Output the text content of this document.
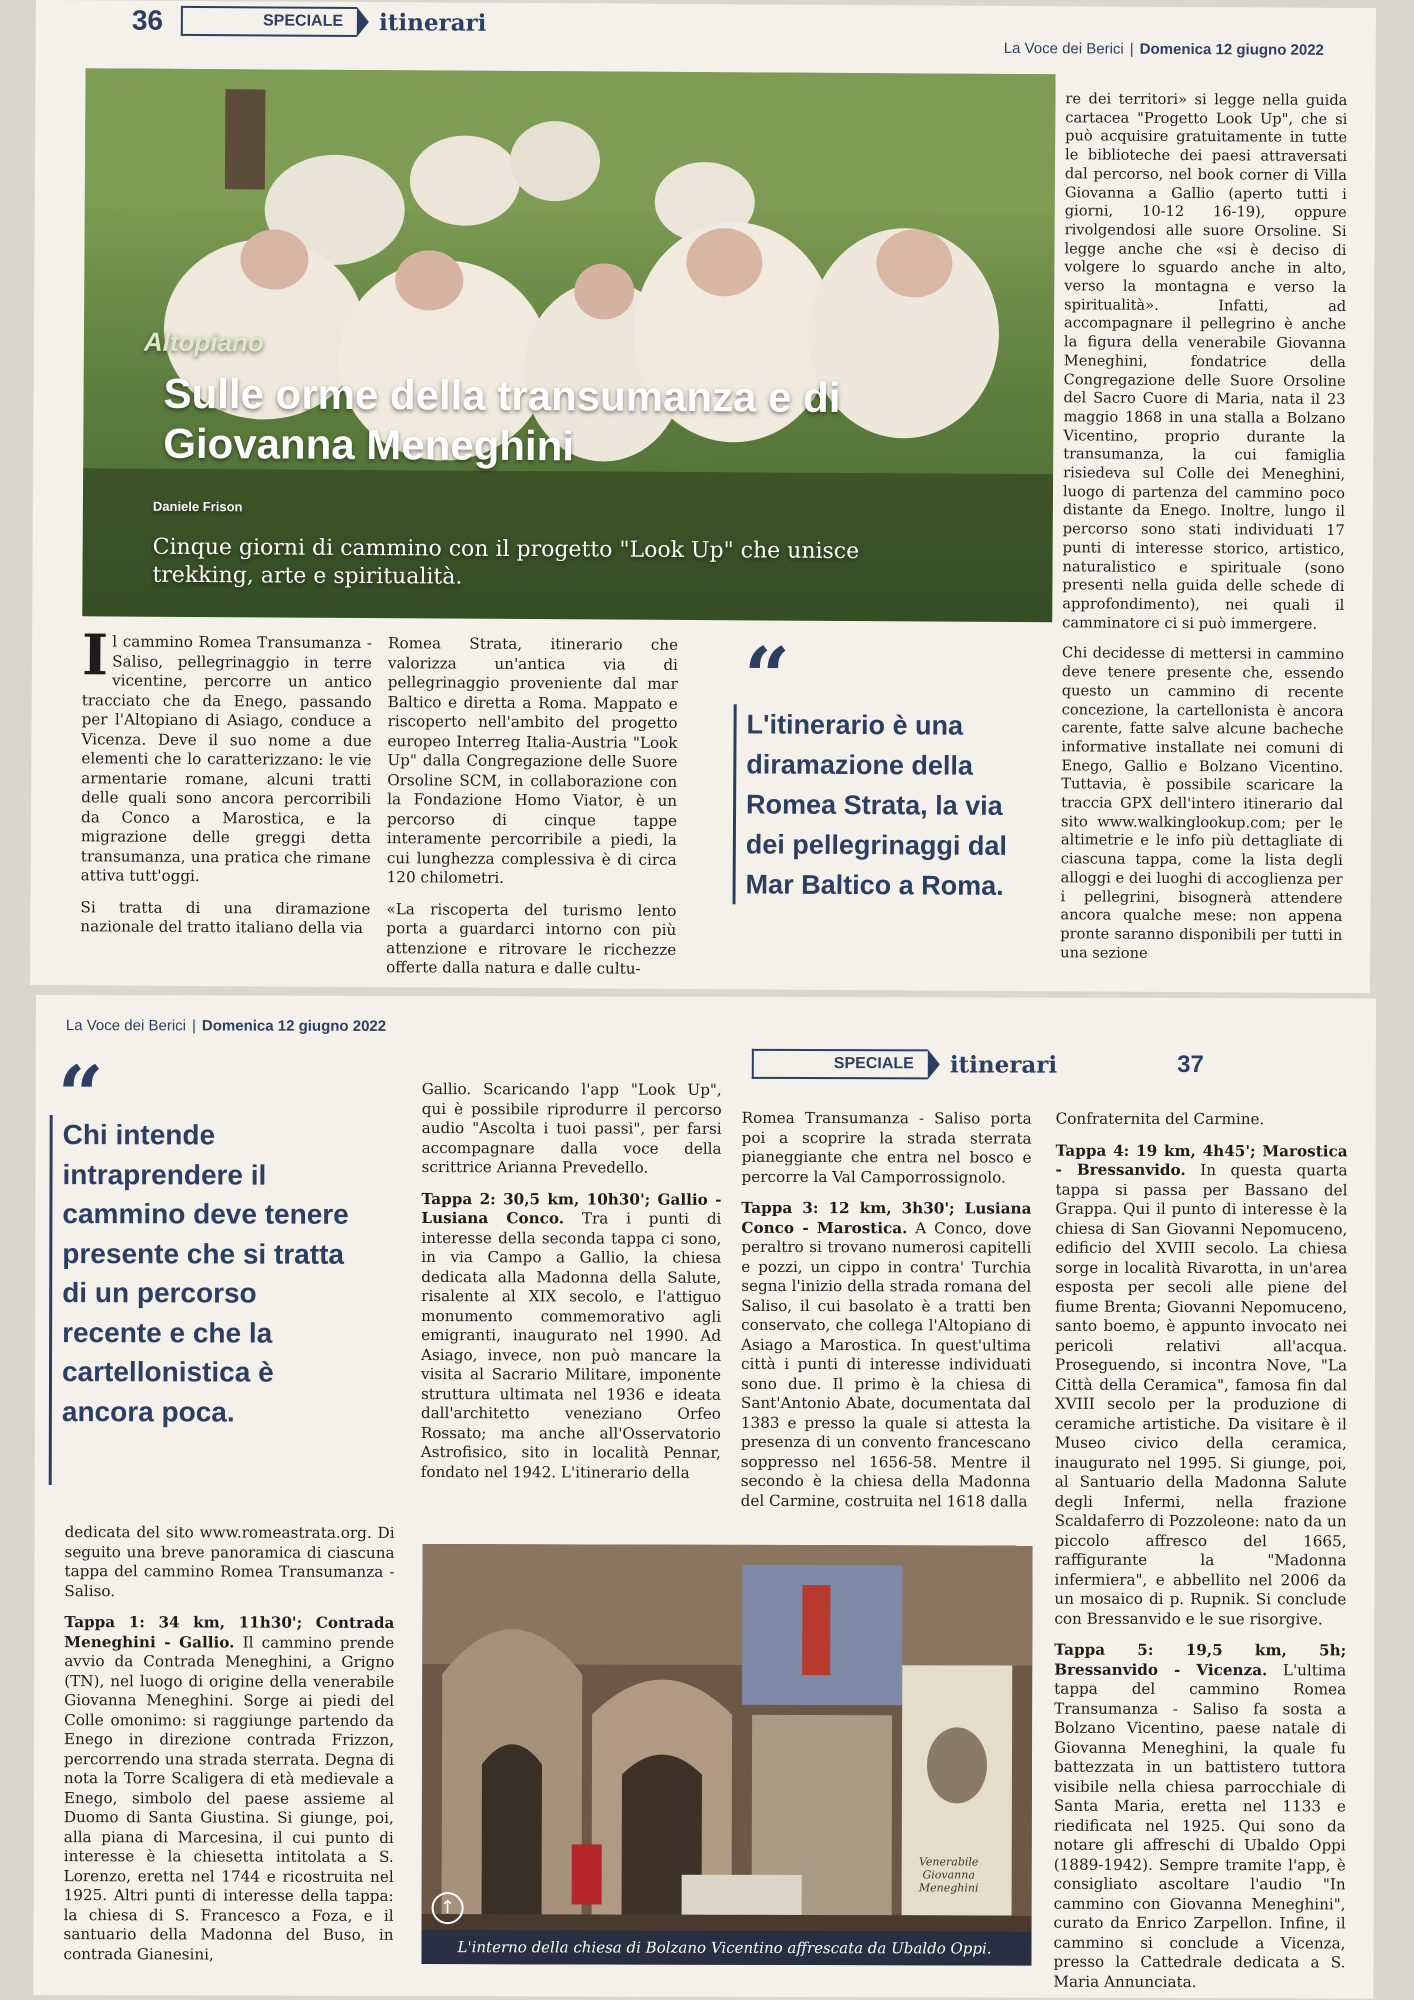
36	SPECIALE	itinerari
La Voce dei Berici | Domenica 12 giugno 2022
Altopiano
Sulle orme della transumanza e di Giovanna Meneghini
Daniele Frison
Cinque giorni di cammino con il progetto "Look Up" che unisce trekking, arte e spiritualità.

Il cammino Romea Transumanza - Saliso, pellegrinaggio in terre vicentine, percorre un antico tracciato che da Enego, passando per l'Altopiano di Asiago, conduce a Vicenza. Deve il suo nome a due elementi che lo caratterizzano: le vie armentarie romane, alcuni tratti delle quali sono ancora percorribili da Conco a Marostica, e la migrazione delle greggi detta transumanza, una pratica che rimane attiva tutt'oggi.

Si tratta di una diramazione nazionale del tratto italiano della via

Romea Strata, itinerario che valorizza un'antica via di pellegrinaggio proveniente dal mar Baltico e diretta a Roma. Mappato e riscoperto nell'ambito del progetto europeo Interreg Italia-Austria "Look Up" dalla Congregazione delle Suore Orsoline SCM, in collaborazione con la Fondazione Homo Viator, è un percorso di cinque tappe interamente percorribile a piedi, la cui lunghezza complessiva è di circa 120 chilometri.

«La riscoperta del turismo lento porta a guardarci intorno con più attenzione e ritrovare le ricchezze offerte dalla natura e dalle cultu-

“
L'itinerario è una diramazione della Romea Strata, la via dei pellegrinaggi dal Mar Baltico a Roma.

re dei territori» si legge nella guida cartacea "Progetto Look Up", che si può acquisire gratuitamente in tutte le biblioteche dei paesi attraversati dal percorso, nel book corner di Villa Giovanna a Gallio (aperto tutti i giorni, 10-12 16-19), oppure rivolgendosi alle suore Orsoline. Si legge anche che «si è deciso di volgere lo sguardo anche in alto, verso la montagna e verso la spiritualità». Infatti, ad accompagnare il pellegrino è anche la figura della venerabile Giovanna Meneghini, fondatrice della Congregazione delle Suore Orsoline del Sacro Cuore di Maria, nata il 23 maggio 1868 in una stalla a Bolzano Vicentino, proprio durante la transumanza, la cui famiglia risiedeva sul Colle dei Meneghini, luogo di partenza del cammino poco distante da Enego. Inoltre, lungo il percorso sono stati individuati 17 punti di interesse storico, artistico, naturalistico e spirituale (sono presenti nella guida delle schede di approfondimento), nei quali il camminatore ci si può immergere.

Chi decidesse di mettersi in cammino deve tenere presente che, essendo questo un cammino di recente concezione, la cartellonista è ancora carente, fatte salve alcune bacheche informative installate nei comuni di Enego, Gallio e Bolzano Vicentino. Tuttavia, è possibile scaricare la traccia GPX dell'intero itinerario dal sito www.walkinglookup.com; per le altimetrie e le info più dettagliate di ciascuna tappa, come la lista degli alloggi e dei luoghi di accoglienza per i pellegrini, bisognerà attendere ancora qualche mese: non appena pronte saranno disponibili per tutti in una sezione

La Voce dei Berici | Domenica 12 giugno 2022
SPECIALE	itinerari	37
“
Chi intende intraprendere il cammino deve tenere presente che si tratta di un percorso recente e che la cartellonistica è ancora poca.

dedicata del sito www.romeastrata.org. Di seguito una breve panoramica di ciascuna tappa del cammino Romea Transumanza - Saliso.

Tappa 1: 34 km, 11h30'; Contrada Meneghini - Gallio. Il cammino prende avvio da Contrada Meneghini, a Grigno (TN), nel luogo di origine della venerabile Giovanna Meneghini. Sorge ai piedi del Colle omonimo: si raggiunge partendo da Enego in direzione contrada Frizzon, percorrendo una strada sterrata. Degna di nota la Torre Scaligera di età medievale a Enego, simbolo del paese assieme al Duomo di Santa Giustina. Si giunge, poi, alla piana di Marcesina, il cui punto di interesse è la chiesetta intitolata a S. Lorenzo, eretta nel 1744 e ricostruita nel 1925. Altri punti di interesse della tappa: la chiesa di S. Francesco a Foza, e il santuario della Madonna del Buso, in contrada Gianesini,

Gallio. Scaricando l'app "Look Up", qui è possibile riprodurre il percorso audio "Ascolta i tuoi passi", per farsi accompagnare dalla voce della scrittrice Arianna Prevedello.

Tappa 2: 30,5 km, 10h30'; Gallio - Lusiana Conco. Tra i punti di interesse della seconda tappa ci sono, in via Campo a Gallio, la chiesa dedicata alla Madonna della Salute, risalente al XIX secolo, e l'attiguo monumento commemorativo agli emigranti, inaugurato nel 1990. Ad Asiago, invece, non può mancare la visita al Sacrario Militare, imponente struttura ultimata nel 1936 e ideata dall'architetto veneziano Orfeo Rossato; ma anche all'Osservatorio Astrofisico, sito in località Pennar, fondato nel 1942. L'itinerario della

Romea Transumanza - Saliso porta poi a scoprire la strada sterrata pianeggiante che entra nel bosco e percorre la Val Camporrossignolo.

Tappa 3: 12 km, 3h30'; Lusiana Conco - Marostica. A Conco, dove peraltro si trovano numerosi capitelli e pozzi, un cippo in contra' Turchia segna l'inizio della strada romana del Saliso, il cui basolato è a tratti ben conservato, che collega l'Altopiano di Asiago a Marostica. In quest'ultima città i punti di interesse individuati sono due. Il primo è la chiesa di Sant'Antonio Abate, documentata dal 1383 e presso la quale si attesta la presenza di un convento francescano soppresso nel 1656-58. Mentre il secondo è la chiesa della Madonna del Carmine, costruita nel 1618 dalla

Confraternita del Carmine.

Tappa 4: 19 km, 4h45'; Marostica - Bressanvido. In questa quarta tappa si passa per Bassano del Grappa. Qui il punto di interesse è la chiesa di San Giovanni Nepomuceno, edificio del XVIII secolo. La chiesa sorge in località Rivarotta, in un'area esposta per secoli alle piene del fiume Brenta; Giovanni Nepomuceno, santo boemo, è appunto invocato nei pericoli relativi all'acqua. Proseguendo, si incontra Nove, "La Città della Ceramica", famosa fin dal XVIII secolo per la produzione di ceramiche artistiche. Da visitare è il Museo civico della ceramica, inaugurato nel 1995. Si giunge, poi, al Santuario della Madonna Salute degli Infermi, nella frazione Scaldaferro di Pozzoleone: nato da un piccolo affresco del 1665, raffigurante la "Madonna infermiera", e abbellito nel 2006 da un mosaico di p. Rupnik. Si conclude con Bressanvido e le sue risorgive.

Tappa 5: 19,5 km, 5h; Bressanvido - Vicenza. L'ultima tappa del cammino Romea Transumanza - Saliso fa sosta a Bolzano Vicentino, paese natale di Giovanna Meneghini, la quale fu battezzata in un battistero tuttora visibile nella chiesa parrocchiale di Santa Maria, eretta nel 1133 e riedificata nel 1925. Qui sono da notare gli affreschi di Ubaldo Oppi (1889-1942). Sempre tramite l'app, è consigliato ascoltare l'audio "In cammino con Giovanna Meneghini", curato da Enrico Zarpellon. Infine, il cammino si conclude a Vicenza, presso la Cattedrale dedicata a S. Maria Annunciata.

Venerabile Giovanna Meneghini
↑
L'interno della chiesa di Bolzano Vicentino affrescata da Ubaldo Oppi.
